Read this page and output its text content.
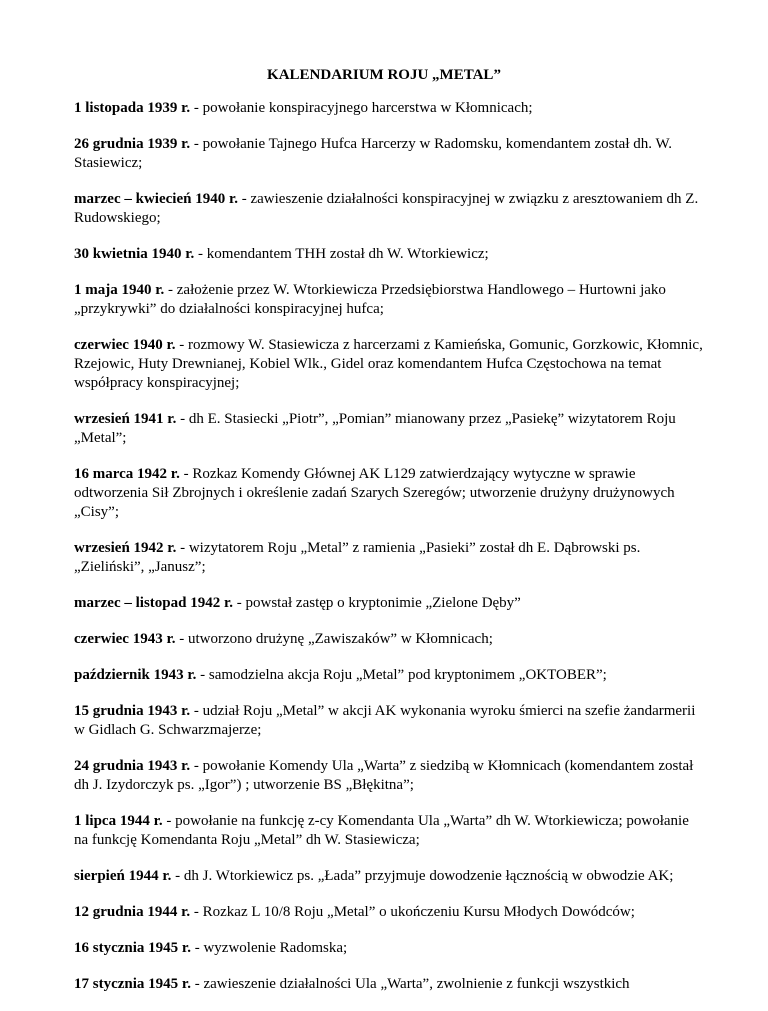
KALENDARIUM ROJU „METAL”

1 listopada 1939 r. - powołanie konspiracyjnego harcerstwa w Kłomnicach;

26 grudnia 1939 r. - powołanie Tajnego Hufca Harcerzy w Radomsku, komendantem został dh. W. Stasiewicz;

marzec – kwiecień 1940 r. - zawieszenie działalności konspiracyjnej w związku z aresztowaniem dh Z. Rudowskiego;

30 kwietnia 1940 r. - komendantem THH został dh W. Wtorkiewicz;

1 maja 1940 r. - założenie przez W. Wtorkiewicza Przedsiębiorstwa Handlowego – Hurtowni jako „przykrywki” do działalności konspiracyjnej hufca;

czerwiec 1940 r. - rozmowy W. Stasiewicza z harcerzami z Kamieńska, Gomunic, Gorzkowic, Kłomnic, Rzejowic, Huty Drewnianej, Kobiel Wlk., Gidel oraz komendantem Hufca Częstochowa na temat współpracy konspiracyjnej;

wrzesień 1941 r. - dh E. Stasiecki „Piotr”, „Pomian” mianowany przez „Pasiekę” wizytatorem Roju „Metal”;

16 marca 1942 r. - Rozkaz Komendy Głównej AK L129 zatwierdzający wytyczne w sprawie odtworzenia Sił Zbrojnych i określenie zadań Szarych Szeregów; utworzenie drużyny drużynowych „Cisy”;

wrzesień 1942 r. - wizytatorem Roju „Metal” z ramienia „Pasieki” został dh E. Dąbrowski ps. „Zieliński”, „Janusz”;

marzec – listopad 1942 r. - powstał zastęp o kryptonimie „Zielone Dęby”

czerwiec 1943 r. - utworzono drużynę „Zawiszaków” w Kłomnicach;

październik 1943 r. - samodzielna akcja Roju „Metal” pod kryptonimem „OKTOBER”;

15 grudnia 1943 r. - udział Roju „Metal” w akcji AK wykonania wyroku śmierci na szefie żandarmerii w Gidlach G. Schwarzmajerze;

24 grudnia 1943 r. - powołanie Komendy Ula „Warta” z siedzibą w Kłomnicach (komendantem został dh J. Izydorczyk ps. „Igor”) ; utworzenie BS „Błękitna”;

1 lipca 1944 r. - powołanie na funkcję z-cy Komendanta Ula „Warta” dh W. Wtorkiewicza; powołanie na funkcję Komendanta Roju „Metal” dh W. Stasiewicza;

sierpień 1944 r. - dh J. Wtorkiewicz ps. „Łada” przyjmuje dowodzenie łącznością w obwodzie AK;

12 grudnia 1944 r. - Rozkaz L 10/8 Roju „Metal” o ukończeniu Kursu Młodych Dowódców;

16 stycznia 1945 r. - wyzwolenie Radomska;

17 stycznia 1945 r. - zawieszenie działalności Ula „Warta”, zwolnienie z funkcji wszystkich
